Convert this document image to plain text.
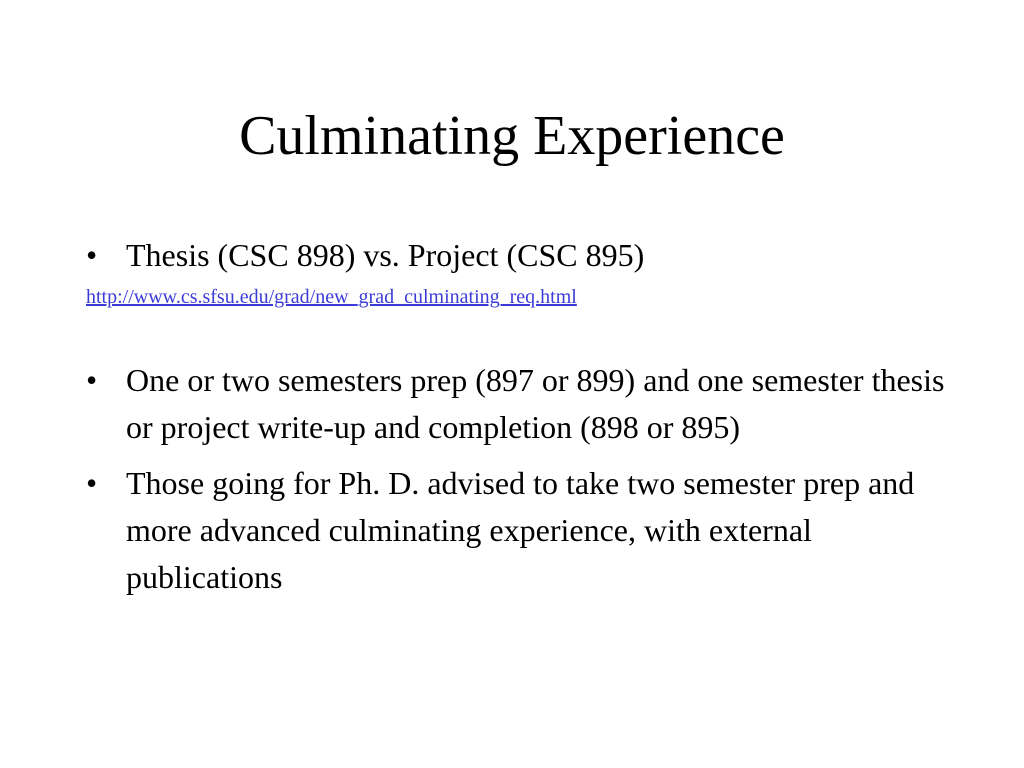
Culminating Experience
• Thesis (CSC 898) vs. Project (CSC 895)
http://www.cs.sfsu.edu/grad/new_grad_culminating_req.html
• One or two semesters prep (897 or 899) and one semester thesis or project write-up and completion (898 or 895)
• Those going for Ph. D. advised to take two semester prep and more advanced culminating experience, with external publications
